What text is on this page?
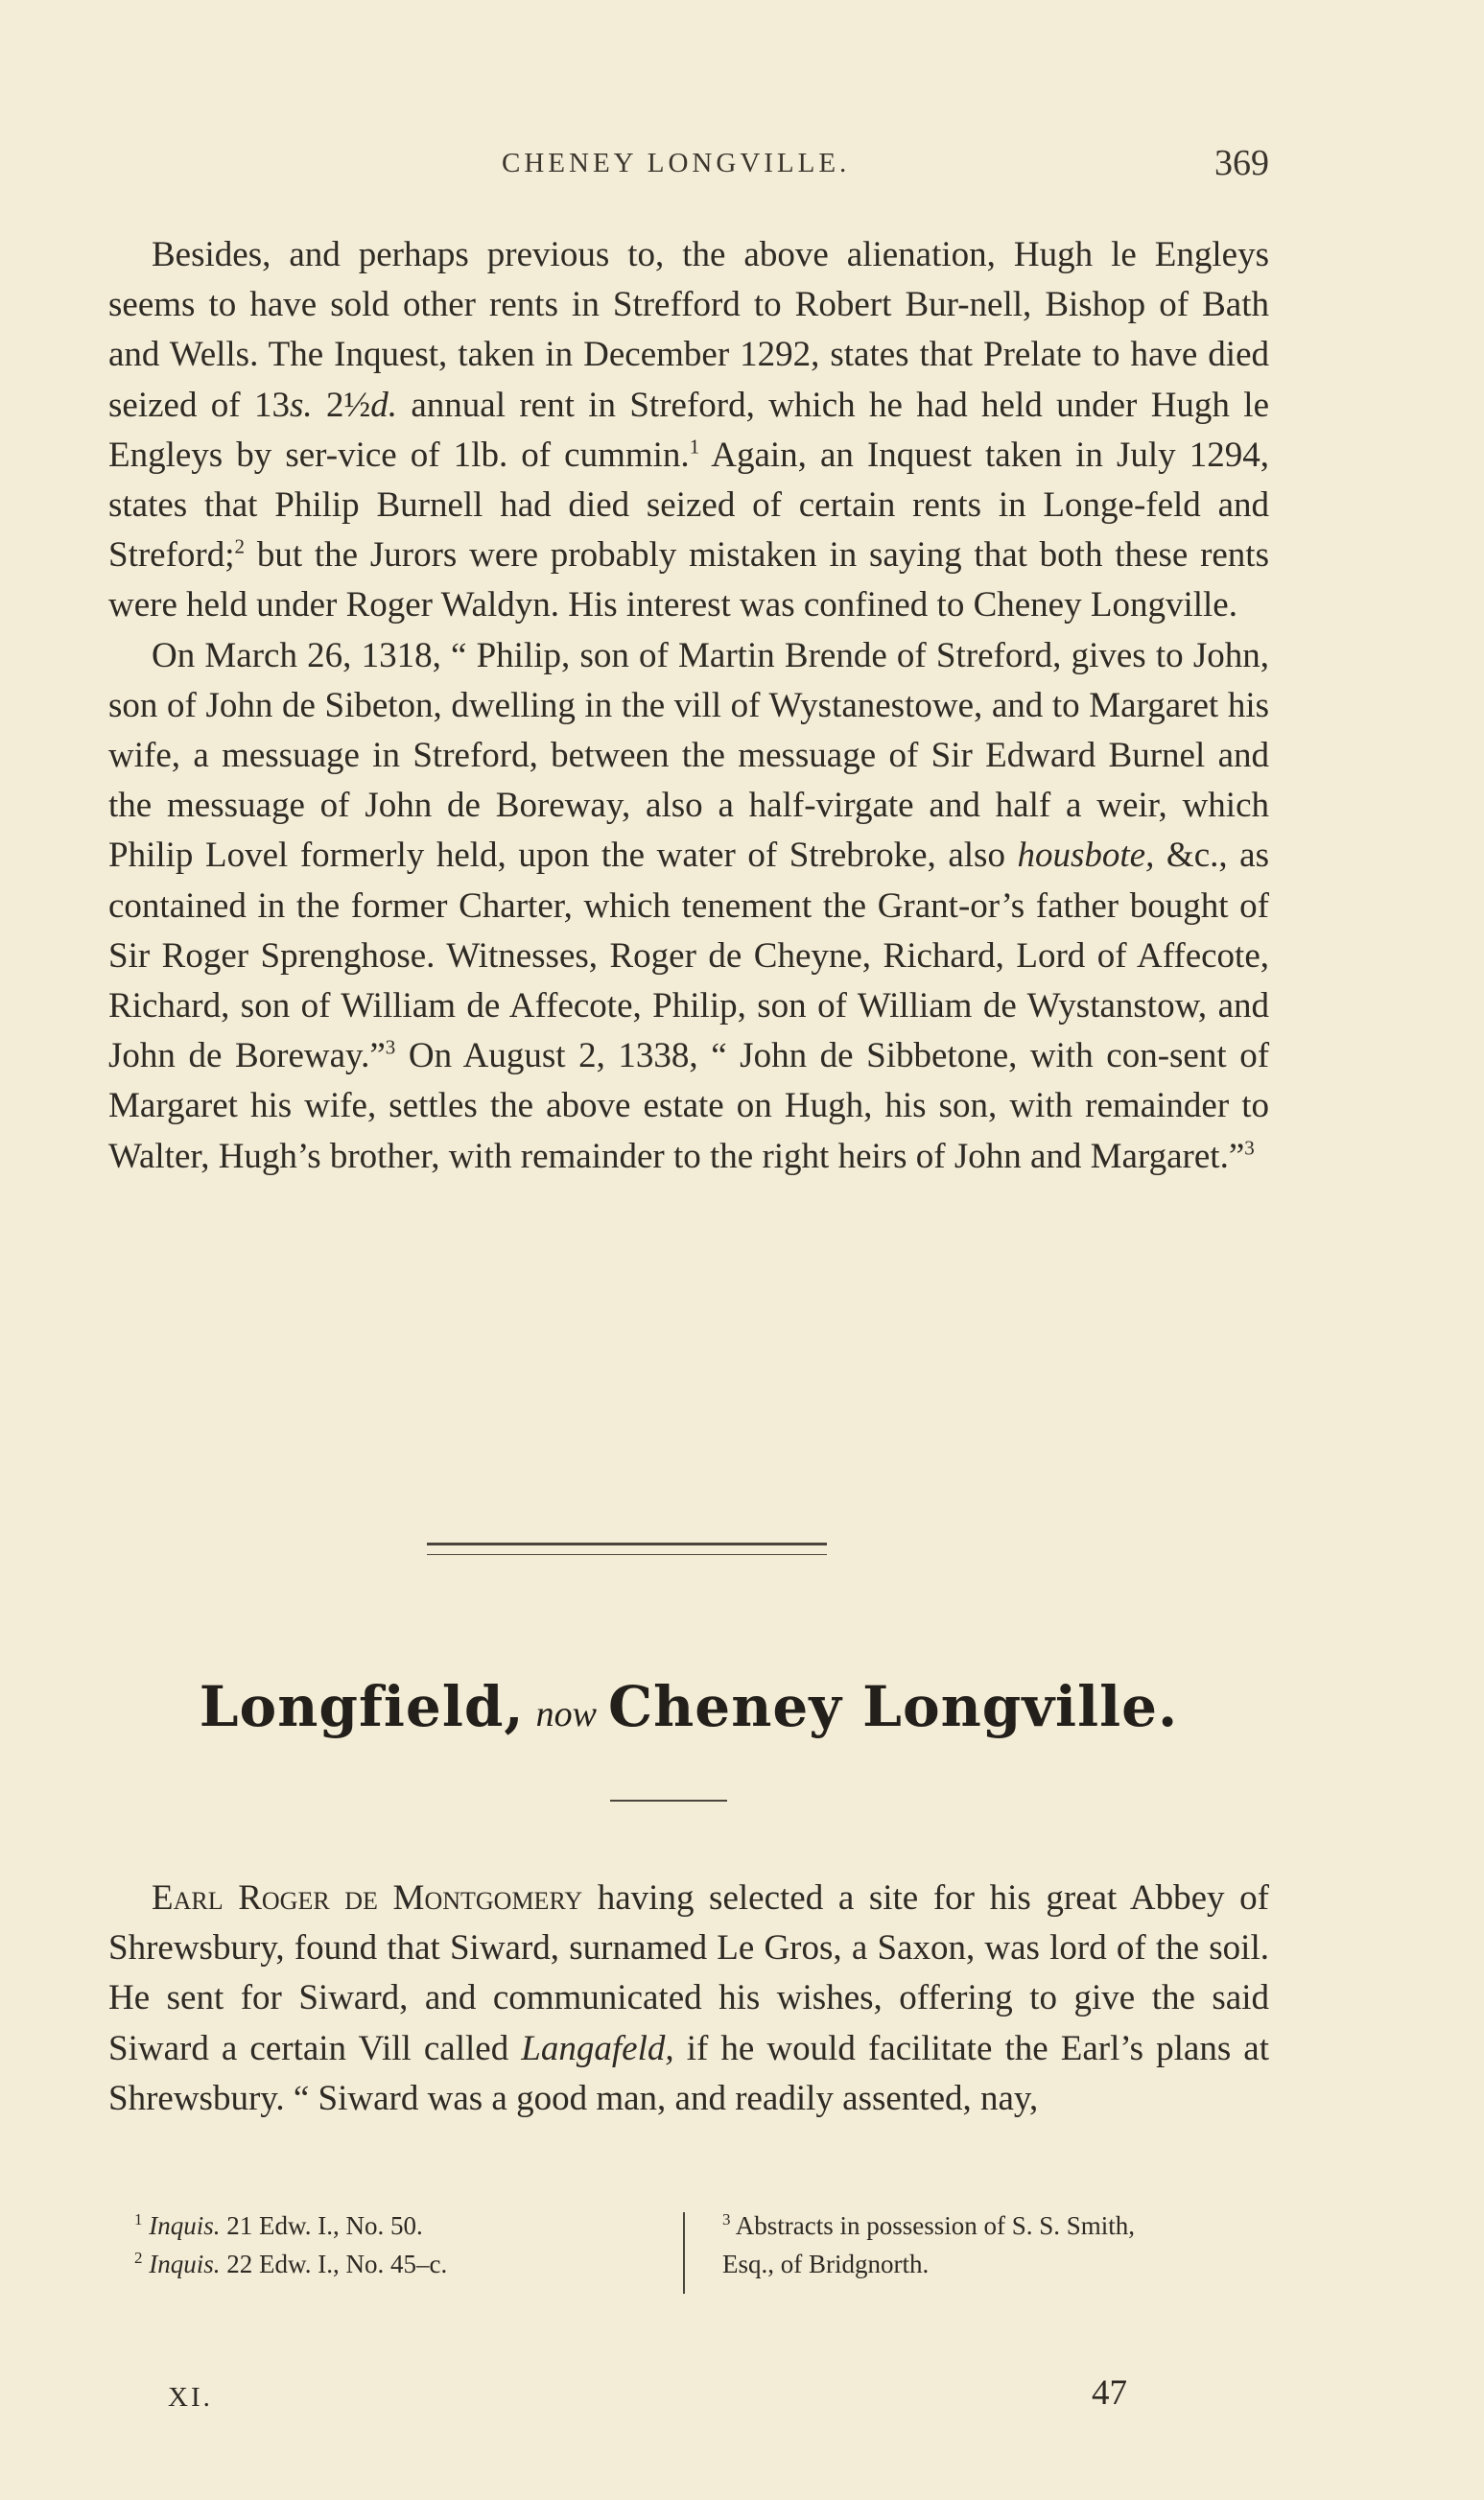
CHENEY LONGVILLE.	369

Besides, and perhaps previous to, the above alienation, Hugh le Engleys seems to have sold other rents in Strefford to Robert Bur-nell, Bishop of Bath and Wells. The Inquest, taken in December 1292, states that Prelate to have died seized of 13s. 2½d. annual rent in Streford, which he had held under Hugh le Engleys by ser-vice of 1lb. of cummin.$^1$ Again, an Inquest taken in July 1294, states that Philip Burnell had died seized of certain rents in Longe-feld and Streford;$^2$ but the Jurors were probably mistaken in saying that both these rents were held under Roger Waldyn. His interest was confined to Cheney Longville.

On March 26, 1318, “ Philip, son of Martin Brende of Streford, gives to John, son of John de Sibeton, dwelling in the vill of Wystanestowe, and to Margaret his wife, a messuage in Streford, between the messuage of Sir Edward Burnel and the messuage of John de Boreway, also a half-virgate and half a weir, which Philip Lovel formerly held, upon the water of Strebroke, also housbote, &c., as contained in the former Charter, which tenement the Grant-or’s father bought of Sir Roger Sprenghose. Witnesses, Roger de Cheyne, Richard, Lord of Affecote, Richard, son of William de Affecote, Philip, son of William de Wystanstow, and John de Boreway.”$^3$ On August 2, 1338, “ John de Sibbetone, with con-sent of Margaret his wife, settles the above estate on Hugh, his son, with remainder to Walter, Hugh’s brother, with remainder to the right heirs of John and Margaret.”$^3$

Longfield, now Cheney Longville.

Earl Roger de Montgomery having selected a site for his great Abbey of Shrewsbury, found that Siward, surnamed Le Gros, a Saxon, was lord of the soil. He sent for Siward, and communicated his wishes, offering to give the said Siward a certain Vill called Langafeld, if he would facilitate the Earl’s plans at Shrewsbury. “ Siward was a good man, and readily assented, nay,

$^1$ Inquis. 21 Edw. I., No. 50.
$^2$ Inquis. 22 Edw. I., No. 45–c.
$^3$ Abstracts in possession of S. S. Smith,
Esq., of Bridgnorth.
XI.	47
